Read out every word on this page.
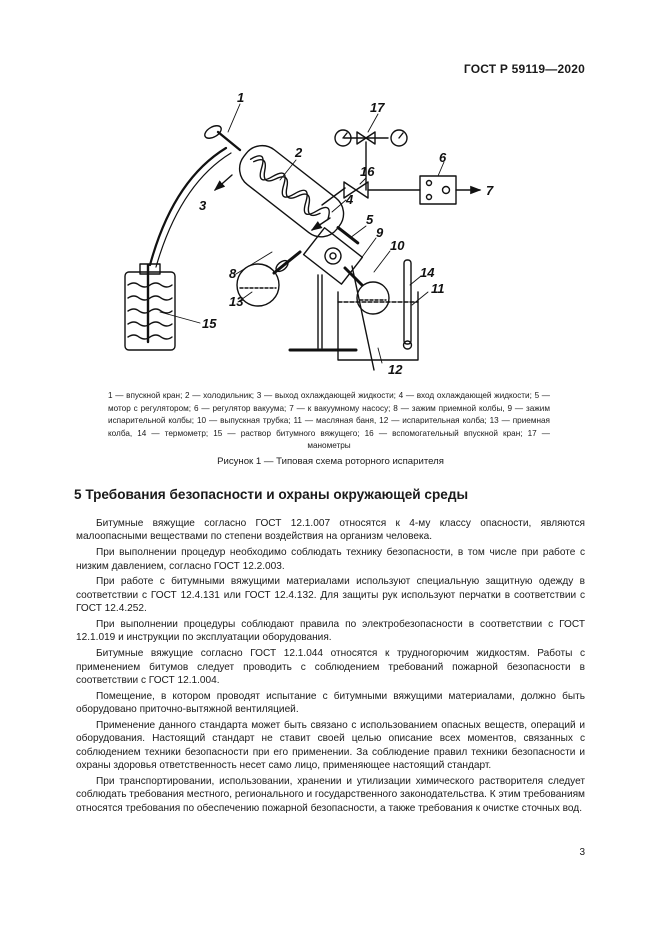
ГОСТ Р 59119—2020
1
2
3	4
5
6
7
8
9
10
11
12
13
14
15
16
17
1 — впускной кран; 2 — холодильник; 3 — выход охлаждающей жидкости; 4 — вход охлаждающей жидкости; 5 — мотор с регулятором; 6 — регулятор вакуума; 7 — к вакуумному насосу; 8 — зажим приемной колбы, 9 — зажим испарительной колбы; 10 — выпускная трубка; 11 — масляная баня, 12 — испарительная колба; 13 — приемная колба, 14 — термометр; 15 — раствор битумного вяжущего; 16 — вспомогательный впускной кран; 17 — манометры
Рисунок 1 — Типовая схема роторного испарителя
5 Требования безопасности и охраны окружающей среды

Битумные вяжущие согласно ГОСТ 12.1.007 относятся к 4-му классу опасности, являются малоопасными веществами по степени воздействия на организм человека.

При выполнении процедур необходимо соблюдать технику безопасности, в том числе при работе с низким давлением, согласно ГОСТ 12.2.003.

При работе с битумными вяжущими материалами используют специальную защитную одежду в соответствии с ГОСТ 12.4.131 или ГОСТ 12.4.132. Для защиты рук используют перчатки в соответствии с ГОСТ 12.4.252.

При выполнении процедуры соблюдают правила по электробезопасности в соответствии с ГОСТ 12.1.019 и инструкции по эксплуатации оборудования.

Битумные вяжущие согласно ГОСТ 12.1.044 относятся к трудногорючим жидкостям. Работы с применением битумов следует проводить с соблюдением требований пожарной безопасности в соответствии с ГОСТ 12.1.004.

Помещение, в котором проводят испытание с битумными вяжущими материалами, должно быть оборудовано приточно-вытяжной вентиляцией.

Применение данного стандарта может быть связано с использованием опасных веществ, операций и оборудования. Настоящий стандарт не ставит своей целью описание всех моментов, связанных с соблюдением техники безопасности при его применении. За соблюдение правил техники безопасности и охраны здоровья ответственность несет само лицо, применяющее настоящий стандарт.

При транспортировании, использовании, хранении и утилизации химического растворителя следует соблюдать требования местного, регионального и государственного законодательства. К этим требованиям относятся требования по обеспечению пожарной безопасности, а также требования к очистке сточных вод.

3
